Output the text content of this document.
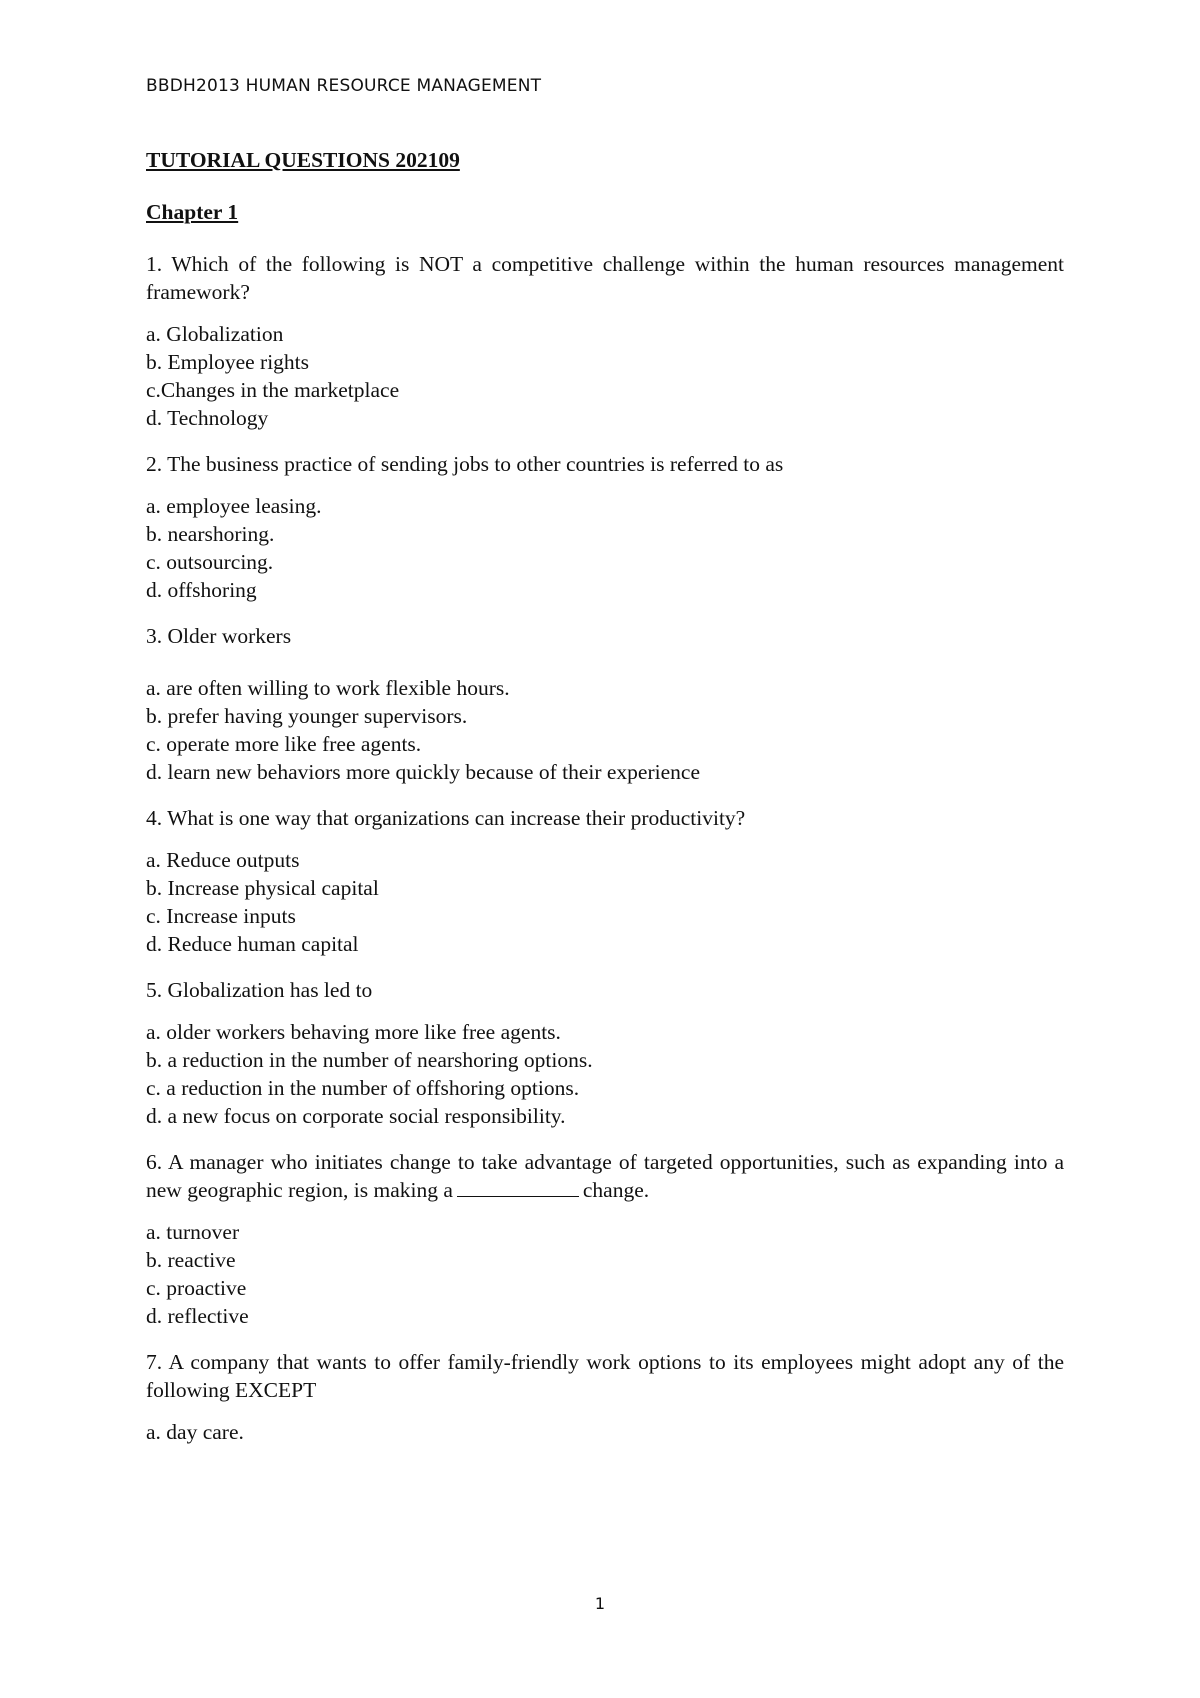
BBDH2013 HUMAN RESOURCE MANAGEMENT
TUTORIAL QUESTIONS 202109
Chapter 1
1. Which of the following is NOT a competitive challenge within the human resources management framework?
a. Globalization
b. Employee rights
c.Changes in the marketplace
d. Technology
2. The business practice of sending jobs to other countries is referred to as
a. employee leasing.
b. nearshoring.
c. outsourcing.
d. offshoring
3. Older workers
a. are often willing to work flexible hours.
b. prefer having younger supervisors.
c. operate more like free agents.
d. learn new behaviors more quickly because of their experience
4. What is one way that organizations can increase their productivity?
a. Reduce outputs
b. Increase physical capital
c. Increase inputs
d. Reduce human capital
5. Globalization has led to
a. older workers behaving more like free agents.
b. a reduction in the number of nearshoring options.
c. a reduction in the number of offshoring options.
d. a new focus on corporate social responsibility.
6. A manager who initiates change to take advantage of targeted opportunities, such as expanding into a new geographic region, is making a	change.
a. turnover
b. reactive
c. proactive
d. reflective
7. A company that wants to offer family-friendly work options to its employees might adopt any of the following EXCEPT
a. day care.
1
